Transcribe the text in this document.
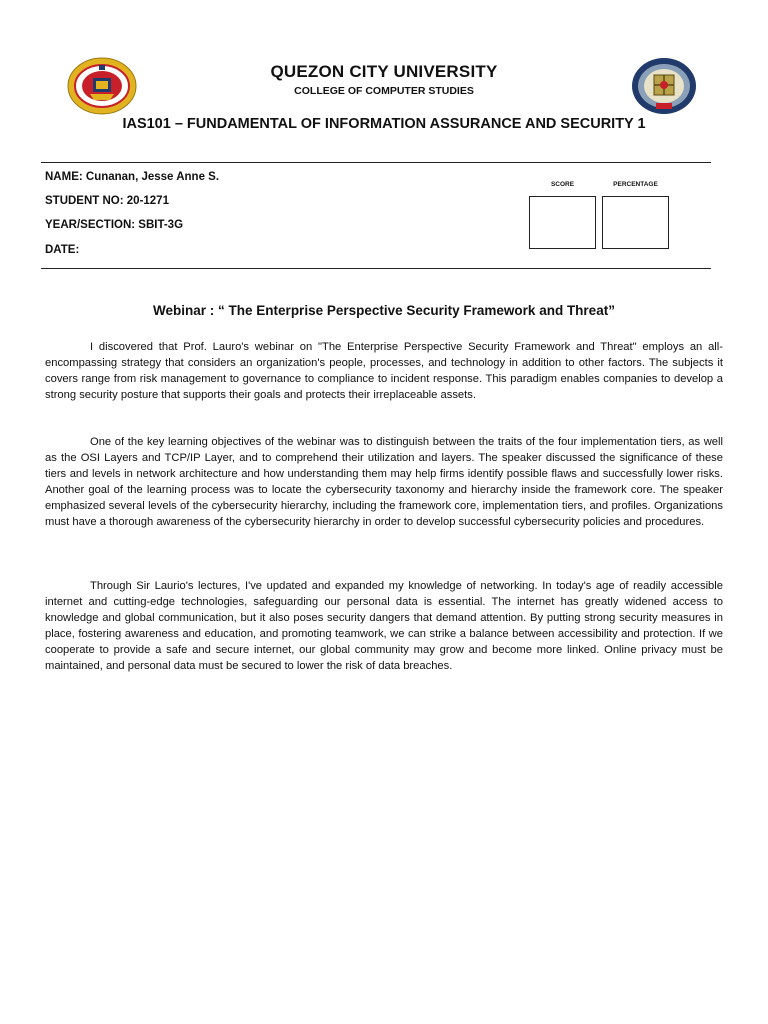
QUEZON CITY UNIVERSITY
COLLEGE OF COMPUTER STUDIES
IAS101 – FUNDAMENTAL OF INFORMATION ASSURANCE AND SECURITY 1
NAME: Cunanan, Jesse Anne S.
STUDENT NO: 20-1271
YEAR/SECTION: SBIT-3G
DATE:
SCORE	PERCENTAGE
Webinar : “ The Enterprise Perspective Security Framework and Threat”

I discovered that Prof. Lauro's webinar on "The Enterprise Perspective Security Framework and Threat" employs an all-encompassing strategy that considers an organization's people, processes, and technology in addition to other factors. The subjects it covers range from risk management to governance to compliance to incident response. This paradigm enables companies to develop a strong security posture that supports their goals and protects their irreplaceable assets.

One of the key learning objectives of the webinar was to distinguish between the traits of the four implementation tiers, as well as the OSI Layers and TCP/IP Layer, and to comprehend their utilization and layers. The speaker discussed the significance of these tiers and levels in network architecture and how understanding them may help firms identify possible flaws and successfully lower risks. Another goal of the learning process was to locate the cybersecurity taxonomy and hierarchy inside the framework core. The speaker emphasized several levels of the cybersecurity hierarchy, including the framework core, implementation tiers, and profiles. Organizations must have a thorough awareness of the cybersecurity hierarchy in order to develop successful cybersecurity policies and procedures.

Through Sir Laurio's lectures, I've updated and expanded my knowledge of networking. In today's age of readily accessible internet and cutting-edge technologies, safeguarding our personal data is essential. The internet has greatly widened access to knowledge and global communication, but it also poses security dangers that demand attention. By putting strong security measures in place, fostering awareness and education, and promoting teamwork, we can strike a balance between accessibility and protection. If we cooperate to provide a safe and secure internet, our global community may grow and become more linked. Online privacy must be maintained, and personal data must be secured to lower the risk of data breaches.
